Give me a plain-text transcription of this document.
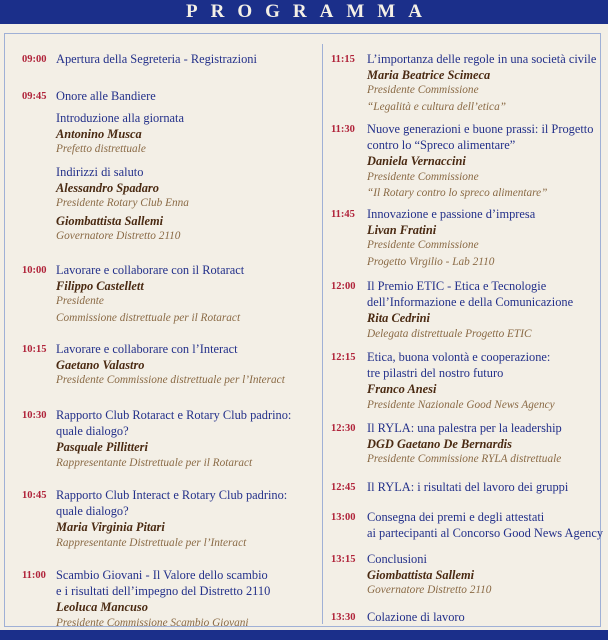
PROGRAMMA
09:00 Apertura della Segreteria - Registrazioni
09:45 Onore alle Bandiere
Introduzione alla giornata
Antonino Musca
Prefetto distrettuale
Indirizzi di saluto
Alessandro Spadaro
Presidente Rotary Club Enna
Giombattista Sallemi
Governatore Distretto 2110
10:00 Lavorare e collaborare con il Rotaract
Filippo Castellett
Presidente
Commissione distrettuale per il Rotaract
10:15 Lavorare e collaborare con l’Interact
Gaetano Valastro
Presidente Commissione distrettuale per l’Interact
10:30 Rapporto Club Rotaract e Rotary Club padrino:
quale dialogo?
Pasquale Pillitteri
Rappresentante Distrettuale per il Rotaract
10:45 Rapporto Club Interact e Rotary Club padrino:
quale dialogo?
Maria Virginia Pitari
Rappresentante Distrettuale per l’Interact
11:00 Scambio Giovani - Il Valore dello scambio
e i risultati dell’impegno del Distretto 2110
Leoluca Mancuso
Presidente Commissione Scambio Giovani
11:15 L’importanza delle regole in una società civile
Maria Beatrice Scimeca
Presidente Commissione
“Legalità e cultura dell’etica”
11:30 Nuove generazioni e buone prassi: il Progetto
contro lo “Spreco alimentare”
Daniela Vernaccini
Presidente Commissione
“Il Rotary contro lo spreco alimentare”
11:45 Innovazione e passione d’impresa
Livan Fratini
Presidente Commissione
Progetto Virgilio - Lab 2110
12:00 Il Premio ETIC - Etica e Tecnologie
dell’Informazione e della Comunicazione
Rita Cedrini
Delegata distrettuale Progetto ETIC
12:15 Etica, buona volontà e cooperazione:
tre pilastri del nostro futuro
Franco Anesi
Presidente Nazionale Good News Agency
12:30 Il RYLA: una palestra per la leadership
DGD Gaetano De Bernardis
Presidente Commissione RYLA distrettuale
12:45 Il RYLA: i risultati del lavoro dei gruppi
13:00 Consegna dei premi e degli attestati
ai partecipanti al Concorso Good News Agency
13:15 Conclusioni
Giombattista Sallemi
Governatore Distretto 2110
13:30 Colazione di lavoro
